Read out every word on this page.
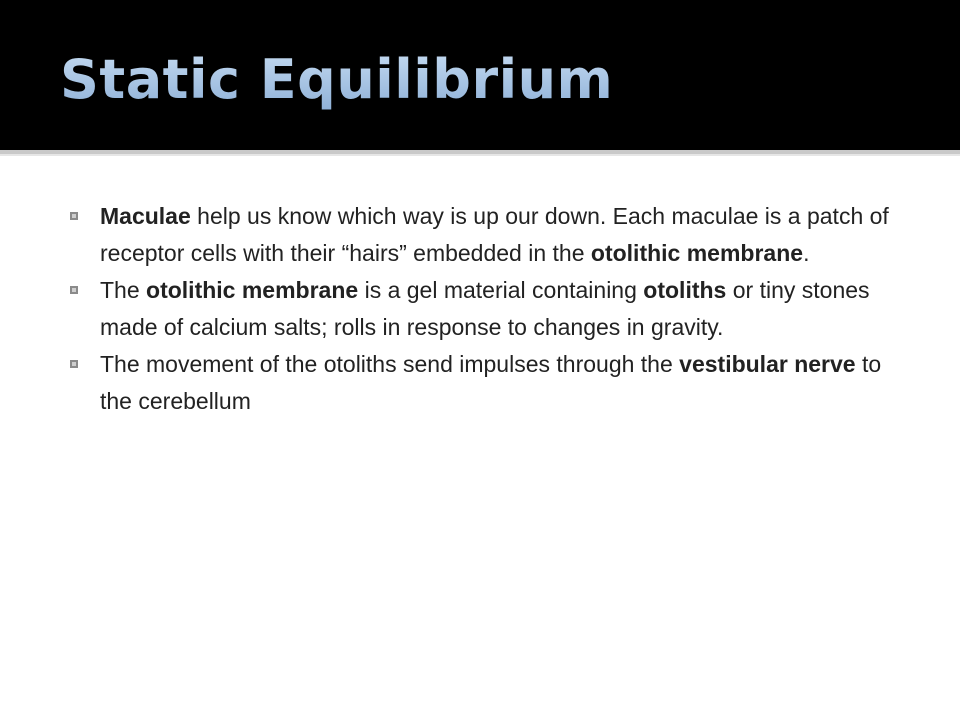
Static Equilibrium
Maculae help us know which way is up our down. Each maculae is a patch of receptor cells with their “hairs” embedded in the otolithic membrane.
The otolithic membrane is a gel material containing otoliths or tiny stones made of calcium salts; rolls in response to changes in gravity.
The movement of the otoliths send impulses through the vestibular nerve to the cerebellum
